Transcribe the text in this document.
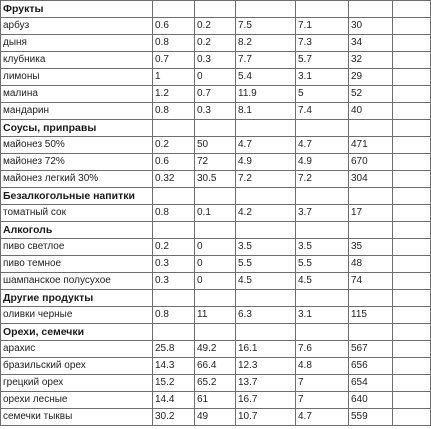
Фрукты						
арбуз	0.6	0.2	7.5	7.1	30	
дыня	0.8	0.2	8.2	7.3	34	
клубника	0.7	0.3	7.7	5.7	32	
лимоны	1	0	5.4	3.1	29	
малина	1.2	0.7	11.9	5	52	
мандарин	0.8	0.3	8.1	7.4	40	
Соусы, приправы						
майонез 50%	0.2	50	4.7	4.7	471	
майонез 72%	0.6	72	4.9	4.9	670	
майонез легкий 30%	0.32	30.5	7.2	7.2	304	
Безалкогольные напитки						
томатный сок	0.8	0.1	4.2	3.7	17	
Алкоголь						
пиво светлое	0.2	0	3.5	3.5	35	
пиво темное	0.3	0	5.5	5.5	48	
шампанское полусухое	0.3	0	4.5	4.5	74	
Другие продукты						
оливки черные	0.8	11	6.3	3.1	115	
Орехи, семечки						
арахис	25.8	49.2	16.1	7.6	567	
бразильский орех	14.3	66.4	12.3	4.8	656	
грецкий орех	15.2	65.2	13.7	7	654	
орехи лесные	14.4	61	16.7	7	640	
семечки тыквы	30.2	49	10.7	4.7	559	
